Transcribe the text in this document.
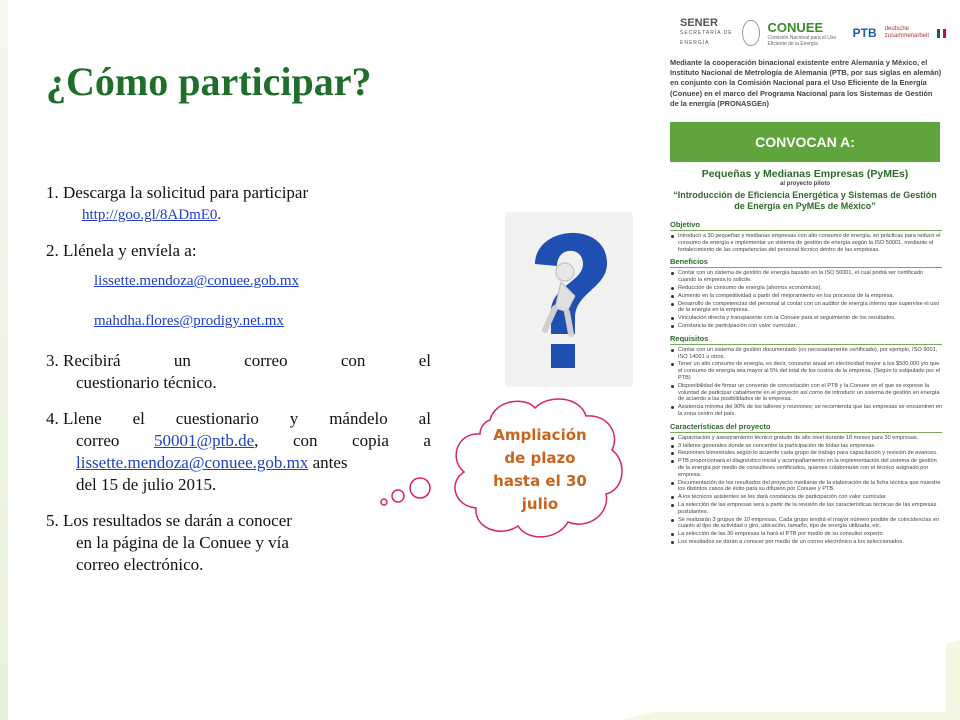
¿Cómo participar?
1. Descarga la solicitud para participar
http://goo.gl/8ADmE0.
2. Llénela y envíela a:
lissette.mendoza@conuee.gob.mx
mahdha.flores@prodigy.net.mx
3. Recibirá	un	correo	con	el
cuestionario técnico.
4. Llene el cuestionario y mándelo al
correo 50001@ptb.de, con copia a
lissette.mendoza@conuee.gob.mx antes
del 15 de julio 2015.
5. Los resultados se darán a conocer
en la página de la Conuee y vía
correo electrónico.
Ampliación
de plazo
hasta el 30
julio
SENER
SECRETARÍA DE ENERGÍA
CONUEE
Comisión Nacional para el Uso Eficiente de la Energía
PTB deutsche
zusammenarbeit

Mediante la cooperación binacional existente entre Alemania y México, el Instituto Nacional de Metrología de Alemania (PTB, por sus siglas en alemán) en conjunto con la Comisión Nacional para el Uso Eficiente de la Energía (Conuee) en el marco del Programa Nacional para los Sistemas de Gestión de la energía (PRONASGEn)

CONVOCAN A:
Pequeñas y Medianas Empresas (PyMEs)
al proyecto piloto
“Introducción de Eficiencia Energética y Sistemas de Gestión de Energía en PyMEs de México”
Objetivo
Introducir a 30 pequeñas y medianas empresas con alto consumo de energía, en prácticas para reducir el consumo de energía e implementar un sistema de gestión de energía según la ISO 50001, mediante el fortalecimiento de las competencias del personal técnico dentro de las empresas.
Beneficios
Contar con un sistema de gestión de energía basado en la ISO 50001, el cual podrá ser certificado cuando la empresa lo solicite.
Reducción de consumo de energía (ahorros económicos).
Aumento en la competitividad a partir del mejoramiento en los procesos de la empresa.
Desarrollo de competencias del personal al contar con un auditor de energía interno que supervise el uso de la energía en la empresa.
Vinculación directa y transparente con la Conuee para el seguimiento de los resultados.
Constancia de participación con valor curricular.
Requisitos
Contar con un sistema de gestión documentado (no necesariamente certificado), por ejemplo, ISO 9001, ISO 14001 u otros.
Tener un alto consumo de energía, es decir, consumo anual en electricidad mayor a los $500,000 y/o que el consumo de energía sea mayor al 5% del total de los costos de la empresa. (Según lo estipulado por el PTB)
Disponibilidad de firmar un convenio de concertación con el PTB y la Conuee en el que se exprese la voluntad de participar cabalmente en el proyecto así como de introducir un sistema de gestión en energía de acuerdo a las posibilidades de la empresa.
Asistencia mínima del 90% de los talleres y reuniones; se recomienda que las empresas se encuentren en la zona centro del país.
Características del proyecto
Capacitación y asesoramiento técnico gratuito de alto nivel durante 18 meses para 30 empresas.
3 talleres generales donde se concentre la participación de todas las empresas.
Reuniones bimestrales según lo acuerde cada grupo de trabajo para capacitación y revisión de avances.
PTB proporcionará el diagnóstico inicial y acompañamiento en la implementación del sistema de gestión de la energía por medio de consultores certificados, quienes colaborarán con el técnico asignado por empresa.
Documentación de los resultados del proyecto mediante de la elaboración de la ficha técnica que muestre los distintos casos de éxito para su difusión por Conuee y PTB.
A los técnicos asistentes se les dará constancia de participación con valor curricular.
La selección de las empresas será a partir de la revisión de las características técnicas de las empresas postulantes.
Se realizarán 3 grupos de 10 empresas. Cada grupo tendrá el mayor número posible de coincidencias en cuanto al tipo de actividad o giro, ubicación, tamaño, tipo de energía utilizada, etc.
La selección de las 30 empresas la hará el PTB por medio de su consultor experto.
Los resultados se darán a conocer por medio de un correo electrónico a los seleccionados.
